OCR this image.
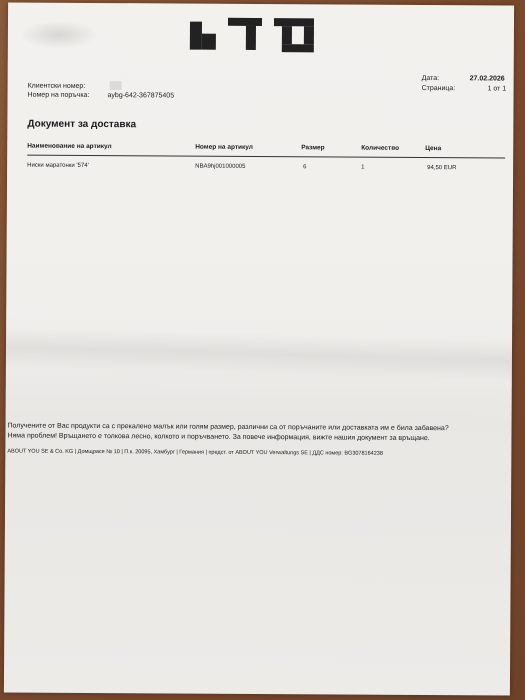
Клиентски номер:
Номер на поръчка:	aybg-642-367875405
Дата:	27.02.2026
Страница:	1 от 1
Документ за доставка
Наименование на артикул	Номер на артикул	Размер	Количество	Цена
Ниски маратонки '574'	NBA9hj001000005	6	1	94,50 EUR
Получените от Вас продукти са с прекалено малък или голям размер, различни са от поръчаните или доставката им е била забавена?
Няма проблем! Връщането е толкова лесно, колкото и поръчването. За повече информация, вижте нашия документ за връщане.
ABOUT YOU SE & Co. KG | Домщрасе № 10 | П.к. 20095, Хамбург | Германия | предст. от ABOUT YOU Verwaltungs SE | ДДС номер: BG3078164238
